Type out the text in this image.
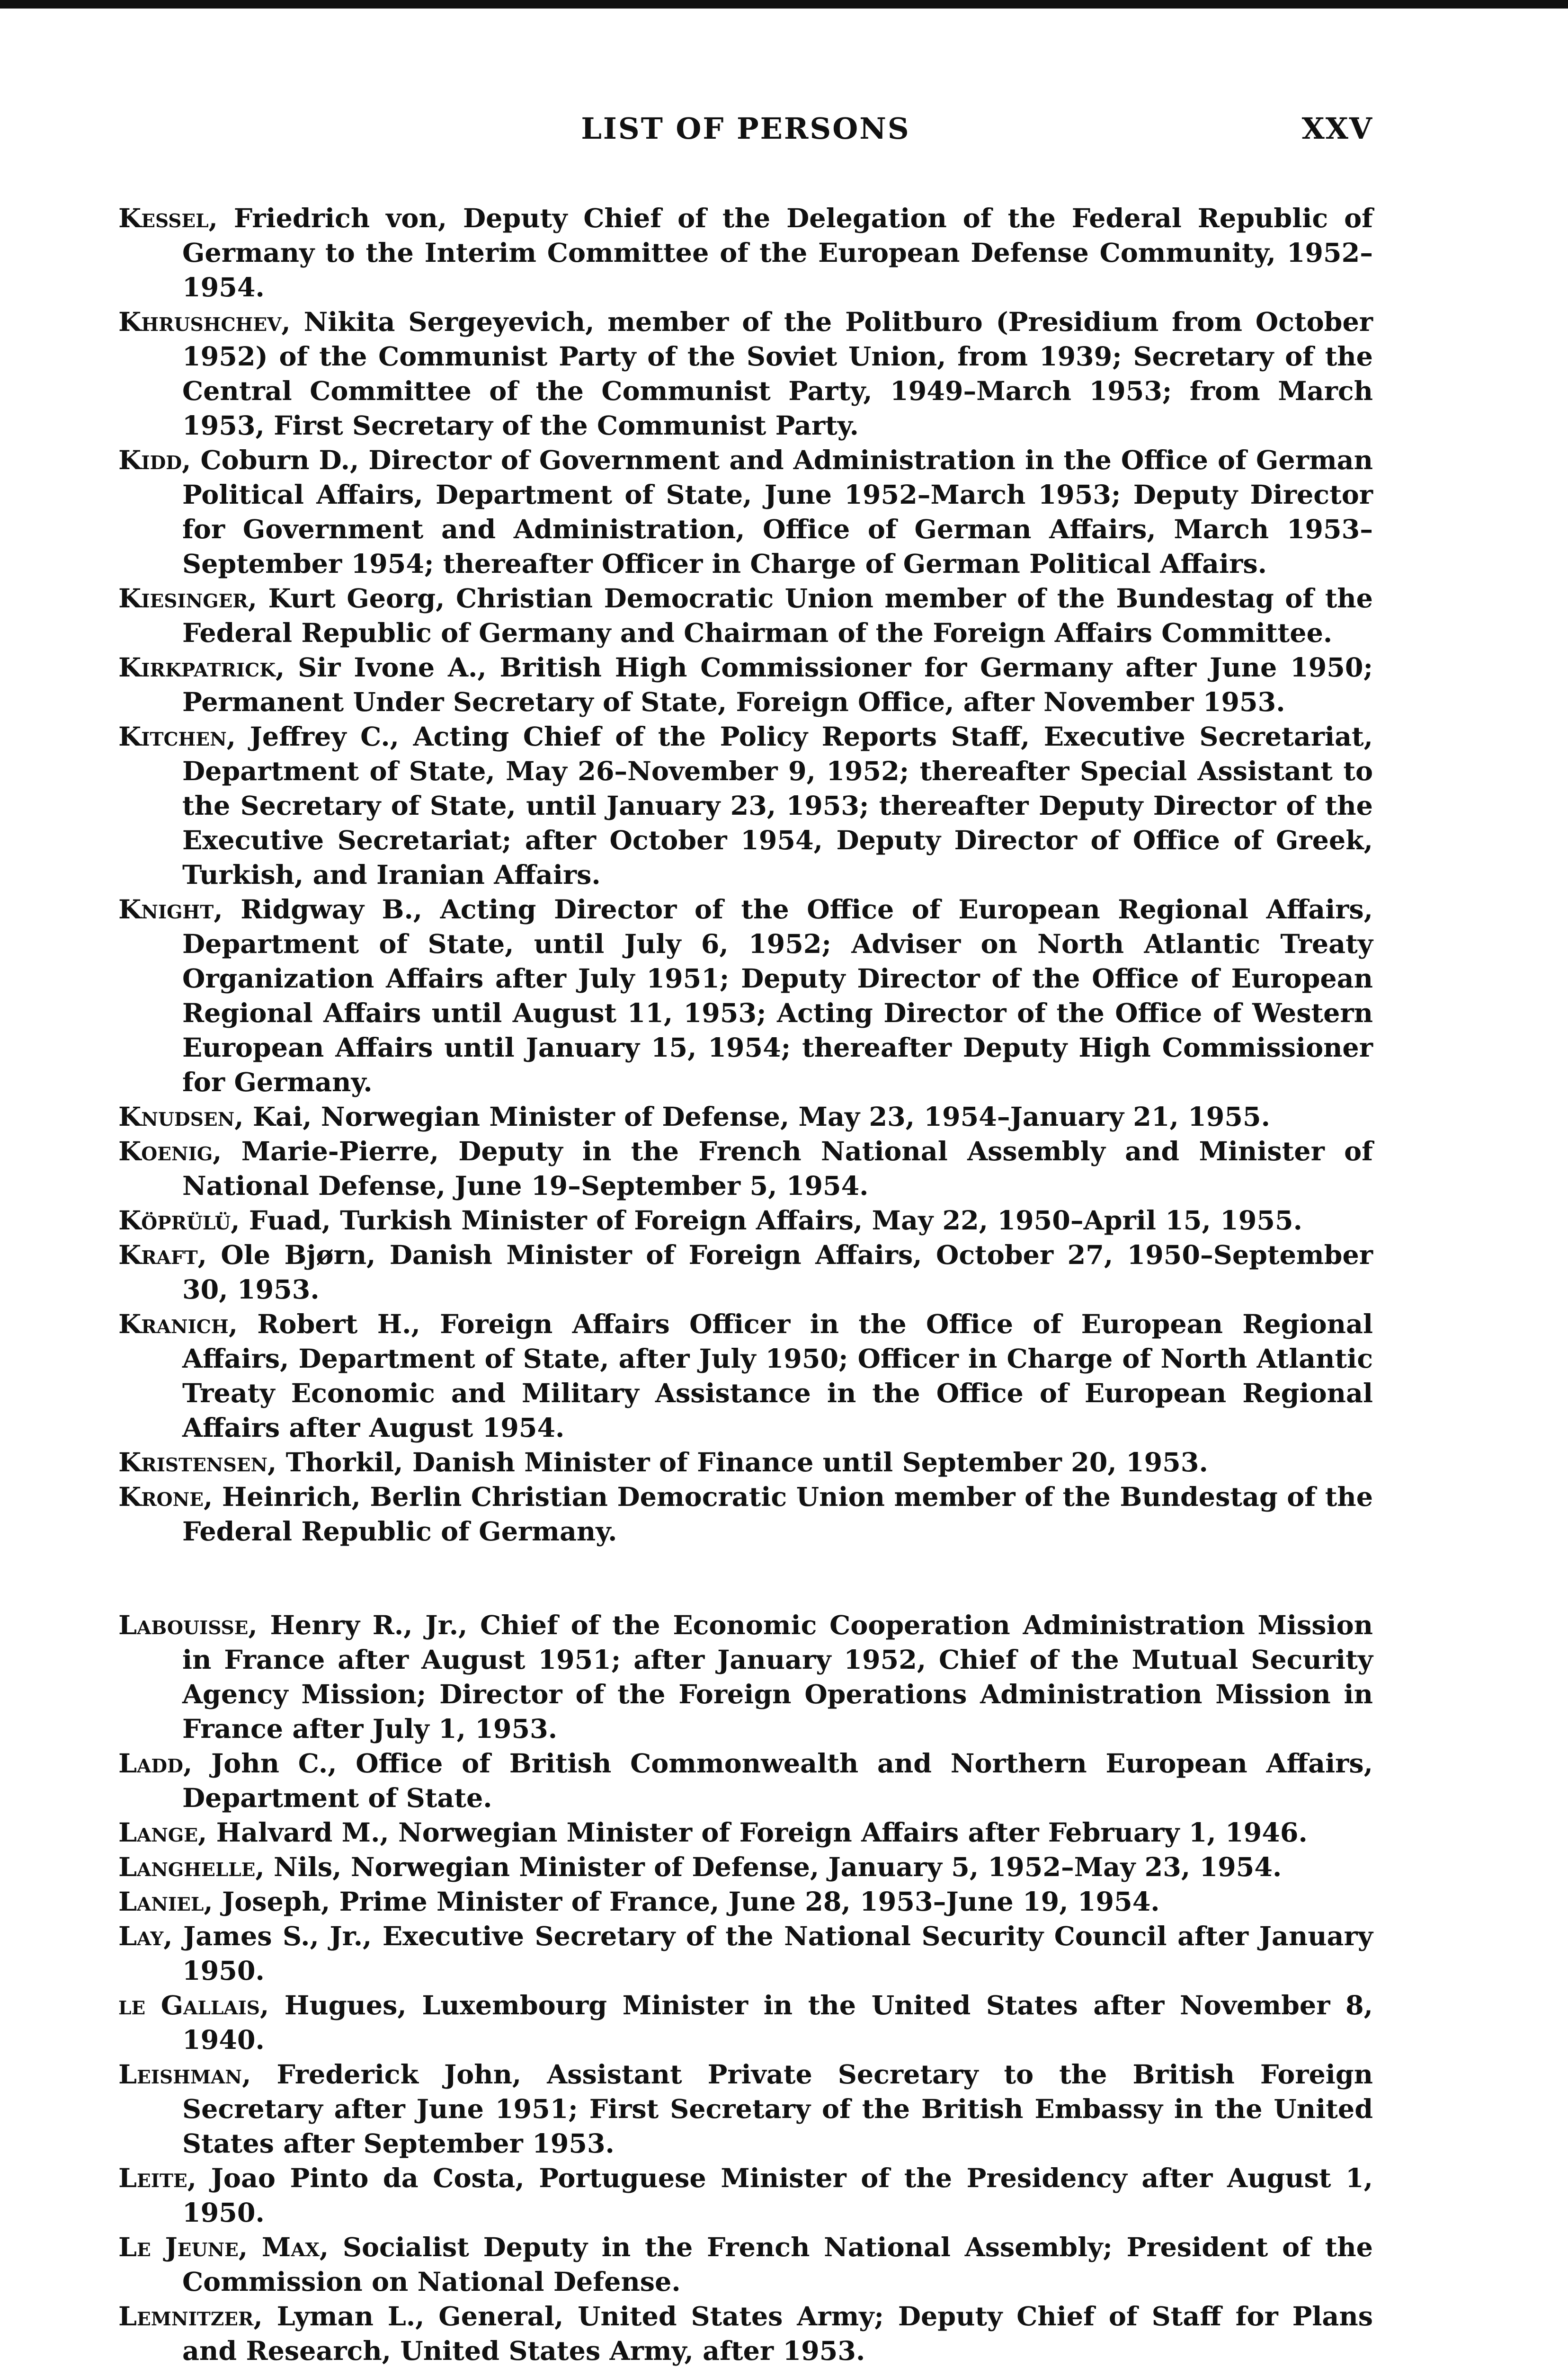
LIST OF PERSONS	XXV

Kessel, Friedrich von, Deputy Chief of the Delegation of the Federal Republic of Germany to the Interim Committee of the European Defense Community, 1952–1954.

Khrushchev, Nikita Sergeyevich, member of the Politburo (Presidium from October 1952) of the Communist Party of the Soviet Union, from 1939; Secretary of the Central Committee of the Communist Party, 1949–March 1953; from March 1953, First Secretary of the Communist Party.

Kidd, Coburn D., Director of Government and Administration in the Office of German Political Affairs, Department of State, June 1952–March 1953; Deputy Director for Government and Administration, Office of German Affairs, March 1953–September 1954; thereafter Officer in Charge of German Political Affairs.

Kiesinger, Kurt Georg, Christian Democratic Union member of the Bundestag of the Federal Republic of Germany and Chairman of the Foreign Affairs Committee.

Kirkpatrick, Sir Ivone A., British High Commissioner for Germany after June 1950; Permanent Under Secretary of State, Foreign Office, after November 1953.

Kitchen, Jeffrey C., Acting Chief of the Policy Reports Staff, Executive Secretariat, Department of State, May 26–November 9, 1952; thereafter Special Assistant to the Secretary of State, until January 23, 1953; thereafter Deputy Director of the Executive Secretariat; after October 1954, Deputy Director of Office of Greek, Turkish, and Iranian Affairs.

Knight, Ridgway B., Acting Director of the Office of European Regional Affairs, Department of State, until July 6, 1952; Adviser on North Atlantic Treaty Organization Affairs after July 1951; Deputy Director of the Office of European Regional Affairs until August 11, 1953; Acting Director of the Office of Western European Affairs until January 15, 1954; thereafter Deputy High Commissioner for Germany.

Knudsen, Kai, Norwegian Minister of Defense, May 23, 1954–January 21, 1955.

Koenig, Marie-Pierre, Deputy in the French National Assembly and Minister of National Defense, June 19–September 5, 1954.

Köprülü, Fuad, Turkish Minister of Foreign Affairs, May 22, 1950–April 15, 1955.

Kraft, Ole Bjørn, Danish Minister of Foreign Affairs, October 27, 1950–September 30, 1953.

Kranich, Robert H., Foreign Affairs Officer in the Office of European Regional Affairs, Department of State, after July 1950; Officer in Charge of North Atlantic Treaty Economic and Military Assistance in the Office of European Regional Affairs after August 1954.

Kristensen, Thorkil, Danish Minister of Finance until September 20, 1953.

Krone, Heinrich, Berlin Christian Democratic Union member of the Bundestag of the Federal Republic of Germany.

Labouisse, Henry R., Jr., Chief of the Economic Cooperation Administration Mission in France after August 1951; after January 1952, Chief of the Mutual Security Agency Mission; Director of the Foreign Operations Administration Mission in France after July 1, 1953.

Ladd, John C., Office of British Commonwealth and Northern European Affairs, Department of State.

Lange, Halvard M., Norwegian Minister of Foreign Affairs after February 1, 1946.

Langhelle, Nils, Norwegian Minister of Defense, January 5, 1952–May 23, 1954.

Laniel, Joseph, Prime Minister of France, June 28, 1953–June 19, 1954.

Lay, James S., Jr., Executive Secretary of the National Security Council after January 1950.

le Gallais, Hugues, Luxembourg Minister in the United States after November 8, 1940.

Leishman, Frederick John, Assistant Private Secretary to the British Foreign Secretary after June 1951; First Secretary of the British Embassy in the United States after September 1953.

Leite, Joao Pinto da Costa, Portuguese Minister of the Presidency after August 1, 1950.

Le Jeune, Max, Socialist Deputy in the French National Assembly; President of the Commission on National Defense.

Lemnitzer, Lyman L., General, United States Army; Deputy Chief of Staff for Plans and Research, United States Army, after 1953.
